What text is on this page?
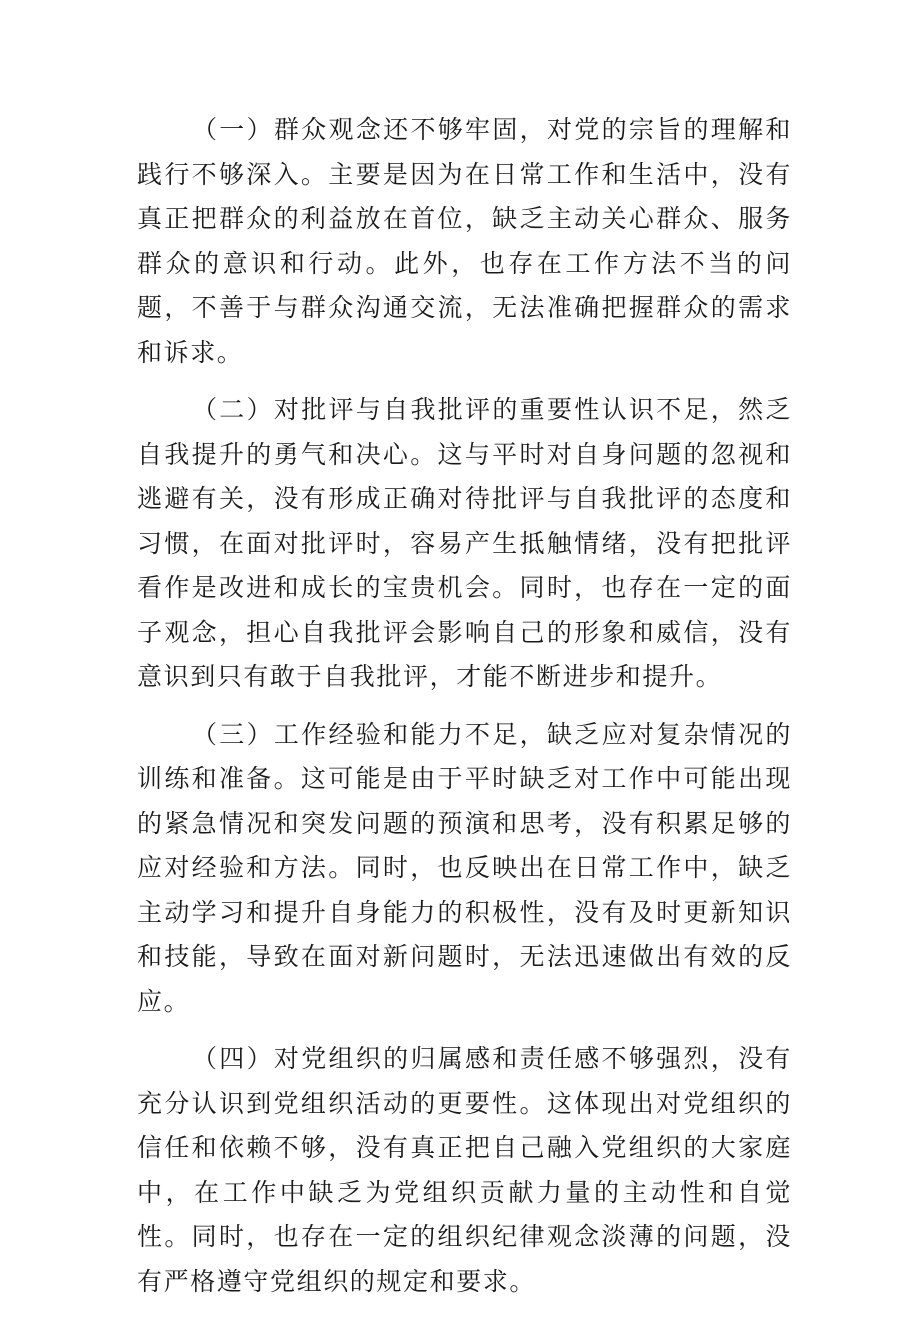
（一）群众观念还不够牢固，对党的宗旨的理解和践行不够深入。主要是因为在日常工作和生活中，没有真正把群众的利益放在首位，缺乏主动关心群众、服务群众的意识和行动。此外，也存在工作方法不当的问题，不善于与群众沟通交流，无法准确把握群众的需求和诉求。

（二）对批评与自我批评的重要性认识不足，然乏自我提升的勇气和决心。这与平时对自身问题的忽视和逃避有关，没有形成正确对待批评与自我批评的态度和习惯，在面对批评时，容易产生抵触情绪，没有把批评看作是改进和成长的宝贵机会。同时，也存在一定的面子观念，担心自我批评会影响自己的形象和威信，没有意识到只有敢于自我批评，才能不断进步和提升。

（三）工作经验和能力不足，缺乏应对复杂情况的训练和准备。这可能是由于平时缺乏对工作中可能出现的紧急情况和突发问题的预演和思考，没有积累足够的应对经验和方法。同时，也反映出在日常工作中，缺乏主动学习和提升自身能力的积极性，没有及时更新知识和技能，导致在面对新问题时，无法迅速做出有效的反应。

（四）对党组织的归属感和责任感不够强烈，没有充分认识到党组织活动的更要性。这体现出对党组织的信任和依赖不够，没有真正把自己融入党组织的大家庭中，在工作中缺乏为党组织贡献力量的主动性和自觉性。同时，也存在一定的组织纪律观念淡薄的问题，没有严格遵守党组织的规定和要求。
